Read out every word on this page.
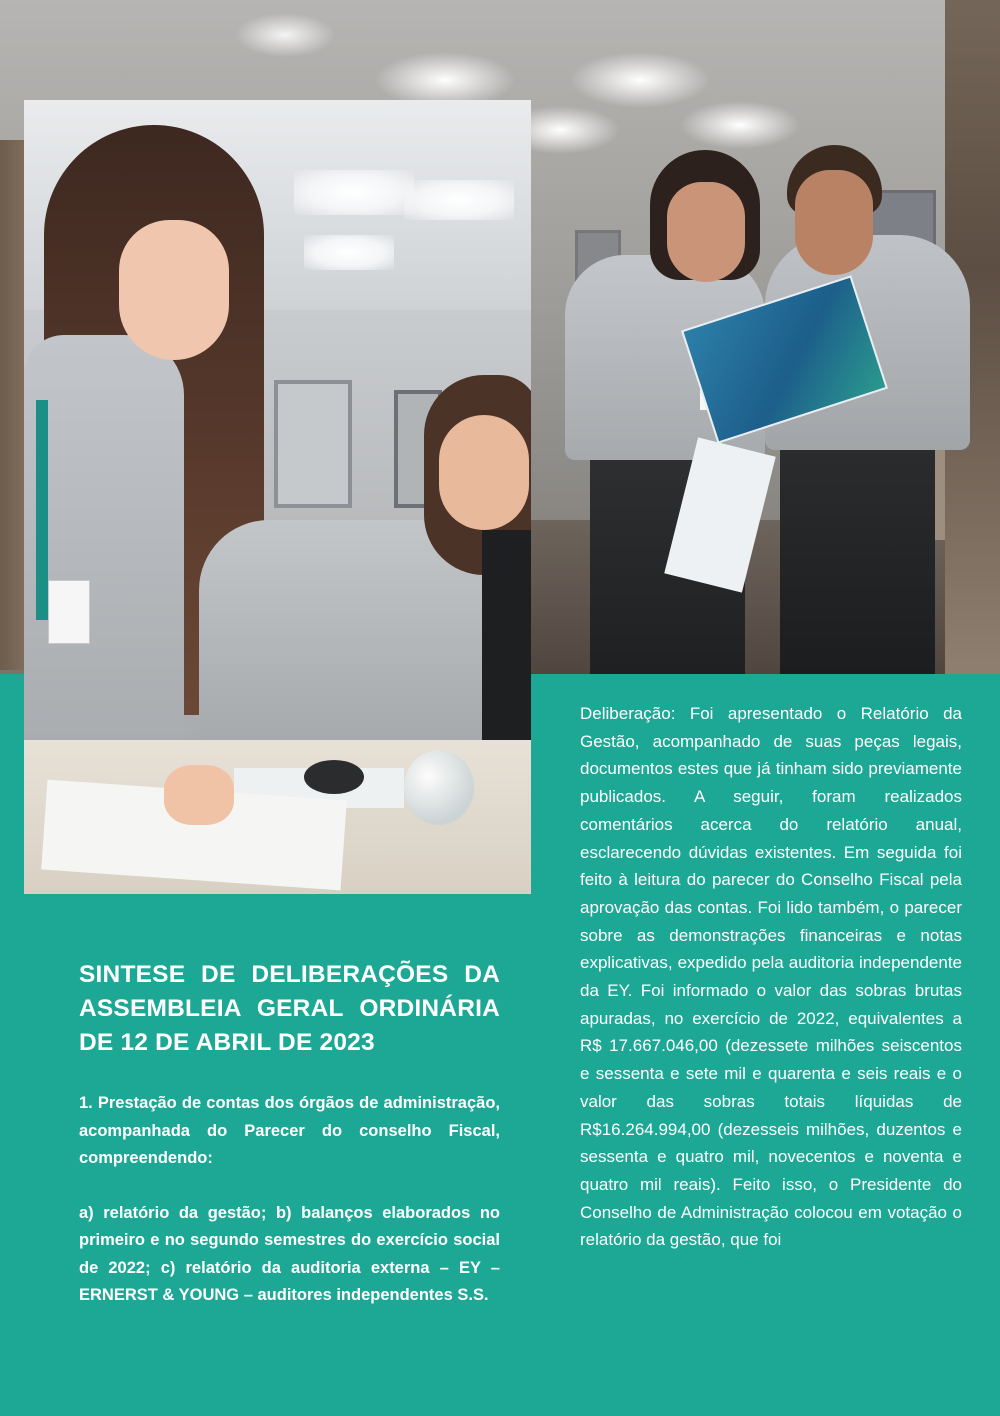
SINTESE DE DELIBERAÇÕES DA
ASSEMBLEIA GERAL ORDINÁRIA
DE 12 DE ABRIL DE 2023

1. Prestação de contas dos órgãos de administração, acompanhada do Parecer do conselho Fiscal, compreendendo:

a) relatório da gestão; b) balanços elaborados no primeiro e no segundo semestres do exercício social de 2022; c) relatório da auditoria externa – EY – ERNERST & YOUNG – auditores independentes S.S.

Deliberação: Foi apresentado o Relatório da Gestão, acompanhado de suas peças legais, documentos estes que já tinham sido previamente publicados. A seguir, foram realizados comentários acerca do relatório anual, esclarecendo dúvidas existentes. Em seguida foi feito à leitura do parecer do Conselho Fiscal pela aprovação das contas. Foi lido também, o parecer sobre as demonstrações financeiras e notas explicativas, expedido pela auditoria independente da EY. Foi informado o valor das sobras brutas apuradas, no exercício de 2022, equivalentes a R$ 17.667.046,00 (dezessete milhões seiscentos e sessenta e sete mil e quarenta e seis reais e o valor das sobras totais líquidas de R$16.264.994,00 (dezesseis milhões, duzentos e sessenta e quatro mil, novecentos e noventa e quatro mil reais). Feito isso, o Presidente do Conselho de Administração colocou em votação o relatório da gestão, que foi
